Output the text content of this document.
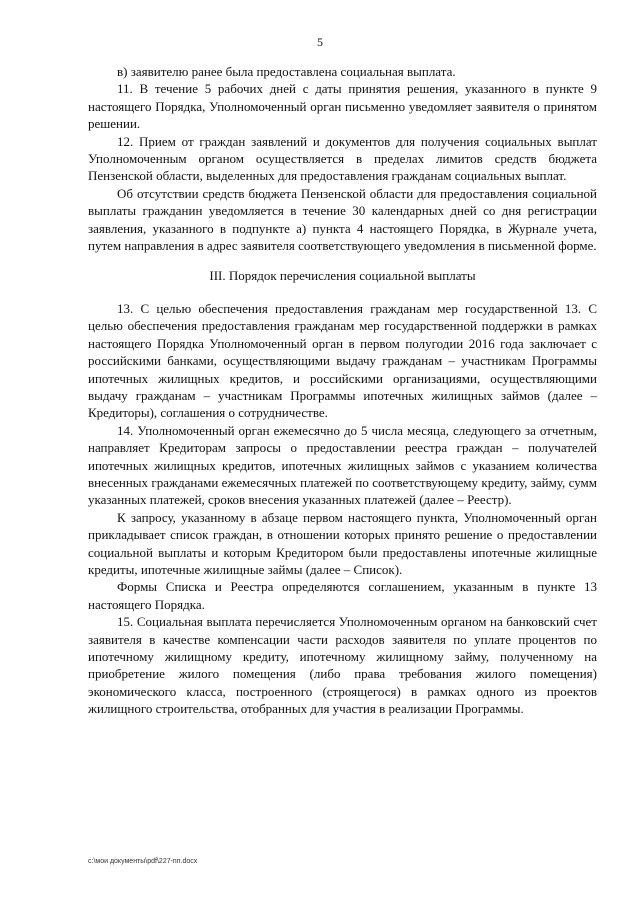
5

в) заявителю ранее была предоставлена социальная выплата.

11. В течение 5 рабочих дней с даты принятия решения, указанного в пункте 9 настоящего Порядка, Уполномоченный орган письменно уведомляет заявителя о принятом решении.

12. Прием от граждан заявлений и документов для получения социальных выплат Уполномоченным органом осуществляется в пределах лимитов средств бюджета Пензенской области, выделенных для предоставления гражданам социальных выплат.

Об отсутствии средств бюджета Пензенской области для предоставления социальной выплаты гражданин уведомляется в течение 30 календарных дней со дня регистрации заявления, указанного в подпункте а) пункта 4 настоящего Порядка, в Журнале учета, путем направления в адрес заявителя соответствующего уведомления в письменной форме.

III. Порядок перечисления социальной выплаты

13. С целью обеспечения предоставления гражданам мер государственной 13. С целью обеспечения предоставления гражданам мер государственной поддержки в рамках настоящего Порядка Уполномоченный орган в первом полугодии 2016 года заключает с российскими банками, осуществляющими выдачу гражданам – участникам Программы ипотечных жилищных кредитов, и российскими организациями, осуществляющими выдачу гражданам – участникам Программы ипотечных жилищных займов (далее – Кредиторы), соглашения о сотрудничестве.

14. Уполномоченный орган ежемесячно до 5 числа месяца, следующего за отчетным, направляет Кредиторам запросы о предоставлении реестра граждан – получателей ипотечных жилищных кредитов, ипотечных жилищных займов с указанием количества внесенных гражданами ежемесячных платежей по соответствующему кредиту, займу, сумм указанных платежей, сроков внесения указанных платежей (далее – Реестр).

К запросу, указанному в абзаце первом настоящего пункта, Уполномоченный орган прикладывает список граждан, в отношении которых принято решение о предоставлении социальной выплаты и которым Кредитором были предоставлены ипотечные жилищные кредиты, ипотечные жилищные займы (далее – Список).

Формы Списка и Реестра определяются соглашением, указанным в пункте 13 настоящего Порядка.

15. Социальная выплата перечисляется Уполномоченным органом на банковский счет заявителя в качестве компенсации части расходов заявителя по уплате процентов по ипотечному жилищному кредиту, ипотечному жилищному займу, полученному на приобретение жилого помещения (либо права требования жилого помещения) экономического класса, построенного (строящегося) в рамках одного из проектов жилищного строительства, отобранных для участия в реализации Программы.

c:\мои документы\pdf\227-пп.docx
